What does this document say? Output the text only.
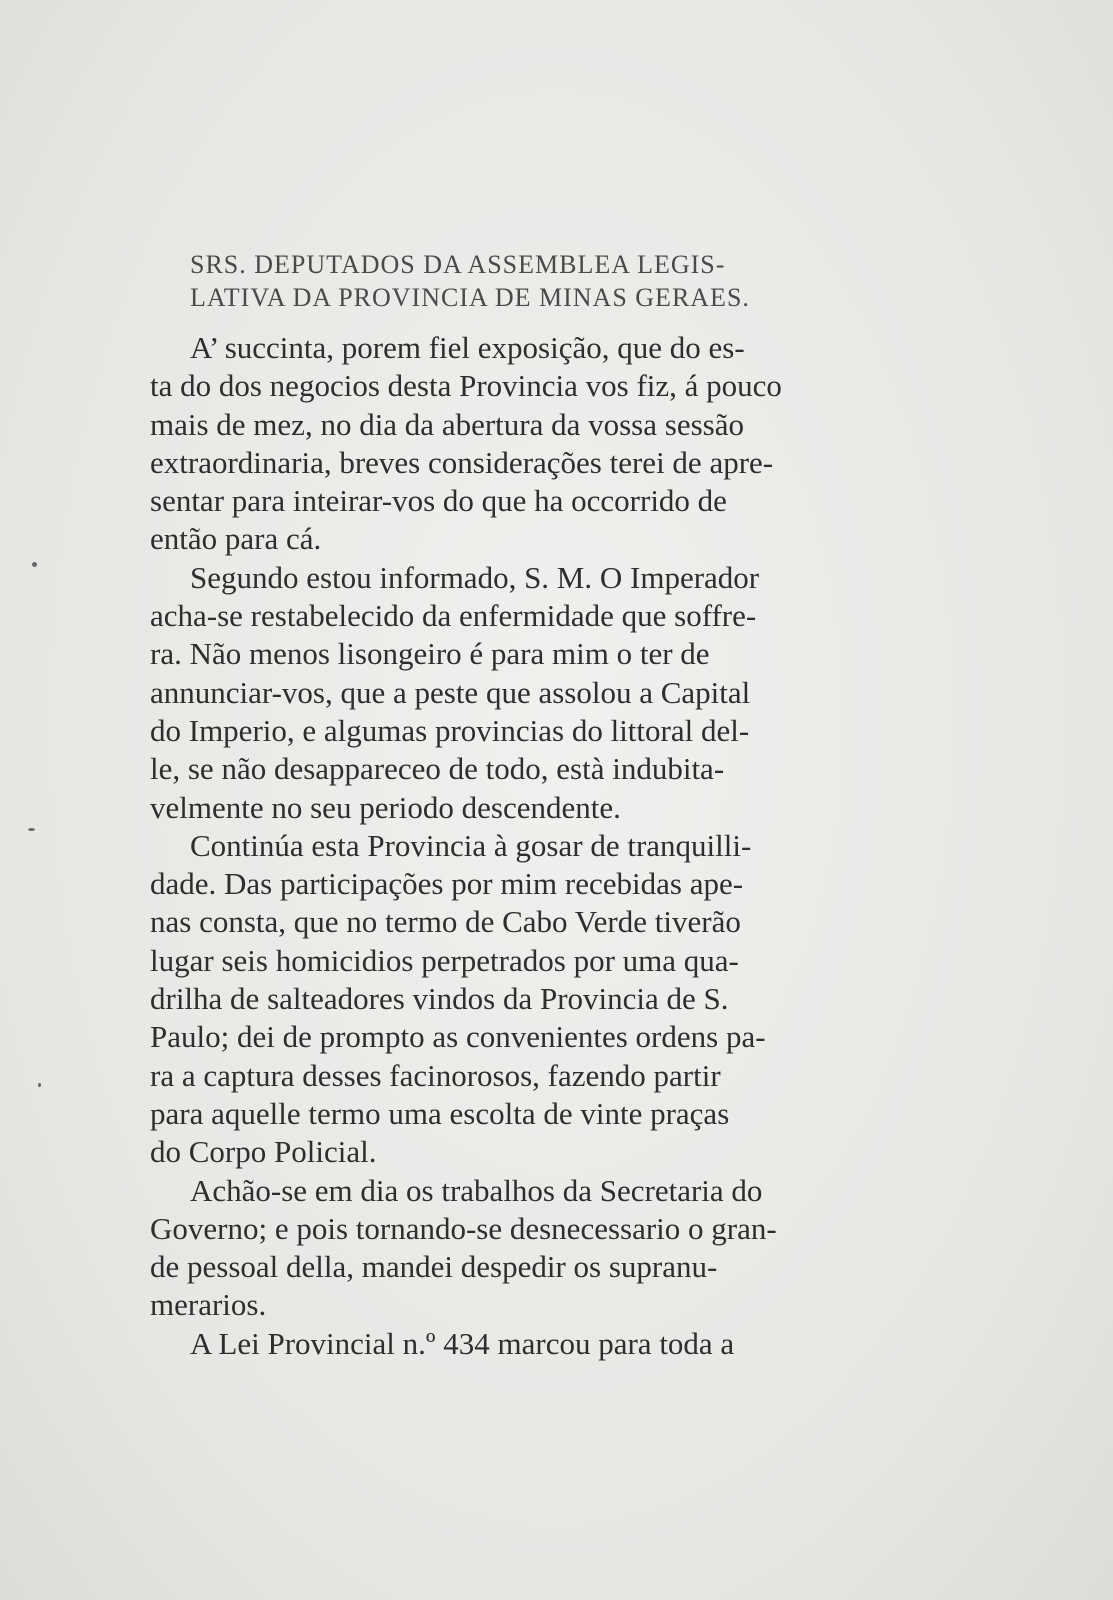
SRS. DEPUTADOS DA ASSEMBLEA LEGIS-
LATIVA DA PROVINCIA DE MINAS GERAES.
A’ succinta, porem fiel exposição, que do es-
ta do dos negocios desta Provincia vos fiz, á pouco
mais de mez, no dia da abertura da vossa sessão
extraordinaria, breves considerações terei de apre-
sentar para inteirar-vos do que ha occorrido de
então para cá.
Segundo estou informado, S. M. O Imperador
acha-se restabelecido da enfermidade que soffre-
ra. Não menos lisongeiro é para mim o ter de
annunciar-vos, que a peste que assolou a Capital
do Imperio, e algumas provincias do littoral del-
le, se não desappareceo de todo, està indubita-
velmente no seu periodo descendente.
Continúa esta Provincia à gosar de tranquilli-
dade. Das participações por mim recebidas ape-
nas consta, que no termo de Cabo Verde tiverão
lugar seis homicidios perpetrados por uma qua-
drilha de salteadores vindos da Provincia de S.
Paulo; dei de prompto as convenientes ordens pa-
ra a captura desses facinorosos, fazendo partir
para aquelle termo uma escolta de vinte praças
do Corpo Policial.
Achão-se em dia os trabalhos da Secretaria do
Governo; e pois tornando-se desnecessario o gran-
de pessoal della, mandei despedir os supranu-
merarios.
A Lei Provincial n.º 434 marcou para toda a
